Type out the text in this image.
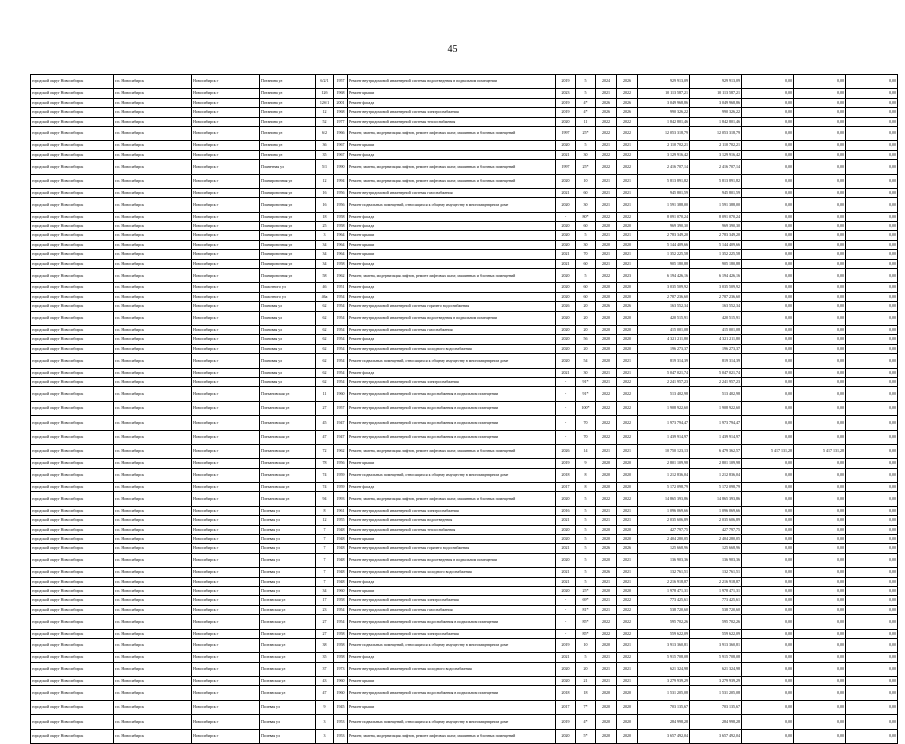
45
городской округ Новосибирск	г.п. Новосибирск	Новосибирск г	Потанина ул	6/2/1	1957	Ремонт внутридомовой инженерной системы водоотведения в подвальном помещении	2019	5	2024	2026	929 913,09	929 913,09	0,00	0,00	0,00
городской округ Новосибирск	г.п. Новосибирск	Новосибирск г	Потанина ул	12б	1968	Ремонт крыши	2023	5	2021	2022	10 113 587,21	10 113 587,21	0,00	0,00	0,00
городской округ Новосибирск	г.п. Новосибирск	Новосибирск г	Потанина ул	12б/1	2001	Ремонт фасада	2019	4*	2026	2026	3 049 968,86	3 049 968,86	0,00	0,00	0,00
городской округ Новосибирск	г.п. Новосибирск	Новосибирск г	Потанина ул	12	1968	Ремонт внутридомовой инженерной системы электроснабжения	2019	4*	2026	2026	990 326,22	990 326,22	0,00	0,00	0,00
городской округ Новосибирск	г.п. Новосибирск	Новосибирск г	Потанина ул	52	1977	Ремонт внутридомовой инженерной системы теплоснабжения	2020	11	2022	2022	1 842 801,46	1 842 801,46	0,00	0,00	0,00
городской округ Новосибирск	г.п. Новосибирск	Новосибирск г	Потанина ул	6/2	1966	Ремонт, замена, модернизация лифтов, ремонт лифтовых шахт, машинных и блочных помещений	1997	25*	2022	2022	12 053 318,79	12 053 318,79	0,00	0,00	0,00
городской округ Новосибирск	г.п. Новосибирск	Новосибирск г	Потанина ул	36	1967	Ремонт крыши	2020	5	2021	2021	2 110 702,21	2 110 702,21	0,00	0,00	0,00
городской округ Новосибирск	г.п. Новосибирск	Новосибирск г	Потанина ул	35	1967	Ремонт фасада	2021	30	2022	2022	3 129 916,42	3 129 916,42	0,00	0,00	0,00
городской округ Новосибирск	г.п. Новосибирск	Новосибирск г	Планетная ул	5/1	1990	Ремонт, замена, модернизация лифтов, ремонт лифтовых шахт, машинных и блочных помещений	1997	25*	2022	2022	2 416 707,14	2 416 707,14	0,00	0,00	0,00
городской округ Новосибирск	г.п. Новосибирск	Новосибирск г	Планировочная ул	12	1994	Ремонт, замена, модернизация лифтов, ремонт лифтовых шахт, машинных и блочных помещений	2020	10	2021	2021	5 813 891,82	5 813 891,82	0,00	0,00	0,00
городской округ Новосибирск	г.п. Новосибирск	Новосибирск г	Планировочная ул	16	1956	Ремонт внутридомовой инженерной системы газоснабжения	2021	60	2021	2021	945 801,59	945 801,59	0,00	0,00	0,00
городской округ Новосибирск	г.п. Новосибирск	Новосибирск г	Планировочная ул	16	1956	Ремонт подвальных помещений, относящихся к общему имуществу в многоквартирном доме	2020	30	2021	2021	1 591 388,00	1 591 388,00	0,00	0,00	0,00
городской округ Новосибирск	г.п. Новосибирск	Новосибирск г	Планировочная ул	18	1958	Ремонт фасада	-	80*	2022	2022	8 091 070,24	8 091 070,24	0,00	0,00	0,00
городской округ Новосибирск	г.п. Новосибирск	Новосибирск г	Планировочная ул	25	1958	Ремонт фасада	2020	60	2020	2020	969 390,30	969 390,30	0,00	0,00	0,00
городской округ Новосибирск	г.п. Новосибирск	Новосибирск г	Планировочная ул	3	1964	Ремонт крыши	2020	5	2021	2021	2 783 349,20	2 783 349,20	0,00	0,00	0,00
городской округ Новосибирск	г.п. Новосибирск	Новосибирск г	Планировочная ул	34	1964	Ремонт крыши	2020	30	2020	2020	5 144 409,66	5 144 409,66	0,00	0,00	0,00
городской округ Новосибирск	г.п. Новосибирск	Новосибирск г	Планировочная ул	34	1964	Ремонт крыши	2021	70	2021	2021	1 352 225,58	1 352 225,58	0,00	0,00	0,00
городской округ Новосибирск	г.п. Новосибирск	Новосибирск г	Планировочная ул	34	1958	Ремонт фасада	2021	60	2021	2021	905 180,88	905 180,88	0,00	0,00	0,00
городской округ Новосибирск	г.п. Новосибирск	Новосибирск г	Планировочная ул	58	1962	Ремонт, замена, модернизация лифтов, ремонт лифтовых шахт, машинных и блочных помещений	2020	5	2022	2023	6 194 426,16	6 194 426,16	0,00	0,00	0,00
городской округ Новосибирск	г.п. Новосибирск	Новосибирск г	Плахотного ул	46	1951	Ремонт фасада	2020	60	2020	2020	3 035 509,92	3 035 509,92	0,00	0,00	0,00
городской округ Новосибирск	г.п. Новосибирск	Новосибирск г	Плахотного ул	46а	1954	Ремонт фасада	2020	60	2020	2020	2 787 236,60	2 787 236,60	0,00	0,00	0,00
городской округ Новосибирск	г.п. Новосибирск	Новосибирск г	Плановая ул	62	1954	Ремонт внутридомовой инженерной системы горячего водоснабжения	2026	20	2026	2026	163 552,34	163 552,34	0,00	0,00	0,00
городской округ Новосибирск	г.п. Новосибирск	Новосибирск г	Плановая ул	62	1954	Ремонт внутридомовой инженерной системы водоотведения в подвальном помещении	2020	20	2020	2020	420 515,91	420 515,91	0,00	0,00	0,00
городской округ Новосибирск	г.п. Новосибирск	Новосибирск г	Плановая ул	62	1954	Ремонт внутридомовой инженерной системы газоснабжения	2020	20	2020	2020	415 001,08	415 001,08	0,00	0,00	0,00
городской округ Новосибирск	г.п. Новосибирск	Новосибирск г	Плановая ул	62	1954	Ремонт фасада	2020	56	2020	2020	4 321 211,80	4 321 211,80	0,00	0,00	0,00
городской округ Новосибирск	г.п. Новосибирск	Новосибирск г	Плановая ул	62	1954	Ремонт внутридомовой инженерной системы холодного водоснабжения	2020	20	2020	2020	196 273,37	196 273,37	0,00	0,00	0,00
городской округ Новосибирск	г.п. Новосибирск	Новосибирск г	Плановая ул	62	1954	Ремонт подвальных помещений, относящихся к общему имуществу в многоквартирном доме	2020	54	2020	2021	819 314,39	819 314,39	0,00	0,00	0,00
городской округ Новосибирск	г.п. Новосибирск	Новосибирск г	Плановая ул	62	1954	Ремонт фасада	2021	30	2021	2021	5 047 021,74	5 047 021,74	0,00	0,00	0,00
городской округ Новосибирск	г.п. Новосибирск	Новосибирск г	Плановая ул	62	1954	Ремонт внутридомовой инженерной системы электроснабжения	-	91*	2021	2022	2 241 957,23	2 241 957,23	0,00	0,00	0,00
городской округ Новосибирск	г.п. Новосибирск	Новосибирск г	Плехановская ул	11	1960	Ремонт внутридомовой инженерной системы водоснабжения в подвальном помещении	-	91*	2022	2022	513 402,98	513 402,98	0,00	0,00	0,00
городской округ Новосибирск	г.п. Новосибирск	Новосибирск г	Плехановская ул	27	1957	Ремонт внутридомовой инженерной системы водоснабжения в подвальном помещении	-	100*	2022	2022	1 908 922,60	1 908 922,60	0,00	0,00	0,00
городской округ Новосибирск	г.п. Новосибирск	Новосибирск г	Плехановская ул	45	1947	Ремонт внутридомовой инженерной системы водоснабжения в подвальном помещении	-	70	2022	2022	1 973 794,47	1 973 794,47	0,00	0,00	0,00
городской округ Новосибирск	г.п. Новосибирск	Новосибирск г	Плехановская ул	47	1947	Ремонт внутридомовой инженерной системы водоснабжения в подвальном помещении	-	70	2022	2022	1 439 914,97	1 439 914,97	0,00	0,00	0,00
городской округ Новосибирск	г.п. Новосибирск	Новосибирск г	Плехановская ул	72	1962	Ремонт, замена, модернизация лифтов, ремонт лифтовых шахт, машинных и блочных помещений	2026	14	2021	2021	10 750 123,13	6 479 362,57	5 417 131,28	5 417 131,28	0,00
городской округ Новосибирск	г.п. Новосибирск	Новосибирск г	Плехановская ул	78	1956	Ремонт крыши	2019	9	2020	2020	2 801 109,98	2 801 109,98	0,00	0,00	0,00
городской округ Новосибирск	г.п. Новосибирск	Новосибирск г	Плехановская ул	74	1959	Ремонт подвальных помещений, относящихся к общему имуществу в многоквартирном доме	2018	8	2020	2020	1 212 836,04	1 212 836,04	0,00	0,00	0,00
городской округ Новосибирск	г.п. Новосибирск	Новосибирск г	Плехановская ул	74	1959	Ремонт фасада	2017	8	2020	2020	5 172 098,79	5 172 098,79	0,00	0,00	0,00
городской округ Новосибирск	г.п. Новосибирск	Новосибирск г	Плехановская ул	94	1993	Ремонт, замена, модернизация лифтов, ремонт лифтовых шахт, машинных и блочных помещений	2020	5	2022	2022	14 865 393,86	14 865 393,86	0,00	0,00	0,00
городской округ Новосибирск	г.п. Новосибирск	Новосибирск г	Полевая ул	8	1961	Ремонт внутридомовой инженерной системы электроснабжения	2016	5	2021	2021	1 096 069,66	1 096 069,66	0,00	0,00	0,00
городской округ Новосибирск	г.п. Новосибирск	Новосибирск г	Полевая ул	12	1955	Ремонт внутридомовой инженерной системы водоотведения	2021	5	2021	2021	2 035 606,89	2 035 606,89	0,00	0,00	0,00
городской округ Новосибирск	г.п. Новосибирск	Новосибирск г	Полевая ул	7	1948	Ремонт внутридомовой инженерной системы теплоснабжения	2020	5	2020	2020	427 797,75	427 797,75	0,00	0,00	0,00
городской округ Новосибирск	г.п. Новосибирск	Новосибирск г	Полевая ул	7	1948	Ремонт крыши	2020	5	2020	2020	2 404 280,05	2 404 280,05	0,00	0,00	0,00
городской округ Новосибирск	г.п. Новосибирск	Новосибирск г	Полевая ул	7	1948	Ремонт внутридомовой инженерной системы горячего водоснабжения	2021	5	2026	2026	125 668,96	125 668,96	0,00	0,00	0,00
городской округ Новосибирск	г.п. Новосибирск	Новосибирск г	Полевая ул	7	1948	Ремонт внутридомовой инженерной системы водоотведения в подвальном помещении	2020	5	2020	2021	136 903,36	136 903,36	0,00	0,00	0,00
городской округ Новосибирск	г.п. Новосибирск	Новосибирск г	Полевая ул	7	1948	Ремонт внутридомовой инженерной системы холодного водоснабжения	2021	5	2026	2021	132 761,51	132 761,51	0,00	0,00	0,00
городской округ Новосибирск	г.п. Новосибирск	Новосибирск г	Полевая ул	7	1948	Ремонт фасада	2021	5	2021	2021	2 216 918,87	2 216 918,87	0,00	0,00	0,00
городской округ Новосибирск	г.п. Новосибирск	Новосибирск г	Полевая ул	34	1960	Ремонт крыши	2020	25*	2020	2020	1 978 471,31	1 978 471,31	0,00	0,00	0,00
городской округ Новосибирск	г.п. Новосибирск	Новосибирск г	Полтавская ул	17	1958	Ремонт внутридомовой инженерной системы электроснабжения	-	69*	2021	2022	773 425,61	773 425,61	0,00	0,00	0,00
городской округ Новосибирск	г.п. Новосибирск	Новосибирск г	Полтавская ул	23	1954	Ремонт внутридомовой инженерной системы газоснабжения	-	81*	2021	2022	538 720,60	538 720,60	0,00	0,00	0,00
городской округ Новосибирск	г.п. Новосибирск	Новосибирск г	Полтавская ул	27	1954	Ремонт внутридомовой инженерной системы водоснабжения в подвальном помещении	-	85*	2022	2022	595 702,26	595 702,26	0,00	0,00	0,00
городской округ Новосибирск	г.п. Новосибирск	Новосибирск г	Полтавская ул	27	1958	Ремонт внутридомовой инженерной системы электроснабжения	-	85*	2022	2022	559 622,09	559 622,09	0,00	0,00	0,00
городской округ Новосибирск	г.п. Новосибирск	Новосибирск г	Полтавская ул	38	1958	Ремонт подвальных помещений, относящихся к общему имуществу в многоквартирном доме	2019	10	2020	2021	3 913 360,81	3 913 360,81	0,00	0,00	0,00
городской округ Новосибирск	г.п. Новосибирск	Новосибирск г	Полтавская ул	35	1958	Ремонт фасада	2021	5	2021	2022	5 915 708,08	5 915 708,08	0,00	0,00	0,00
городской округ Новосибирск	г.п. Новосибирск	Новосибирск г	Полтавская ул	37	1973	Ремонт внутридомовой инженерной системы холодного водоснабжения	2020	20	2021	2021	621 324,98	621 324,98	0,00	0,00	0,00
городской округ Новосибирск	г.п. Новосибирск	Новосибирск г	Полтавская ул	43	1960	Ремонт крыши	2020	21	2021	2021	3 279 939,29	3 279 939,29	0,00	0,00	0,00
городской округ Новосибирск	г.п. Новосибирск	Новосибирск г	Полтавская ул	47	1960	Ремонт внутридомовой инженерной системы водоснабжения в подвальном помещении	2018	18	2020	2020	1 531 205,08	1 531 205,08	0,00	0,00	0,00
городской округ Новосибирск	г.п. Новосибирск	Новосибирск г	Полевая ул	9	1945	Ремонт крыши	2017	7*	2020	2020	703 135,67	703 135,67	0,00	0,00	0,00
городской округ Новосибирск	г.п. Новосибирск	Новосибирск г	Полевая ул	3	1953	Ремонт подвальных помещений, относящихся к общему имуществу в многоквартирном доме	2019	4*	2020	2020	284 998,28	284 998,28	0,00	0,00	0,00
городской округ Новосибирск	г.п. Новосибирск	Новосибирск г	Полевая ул	3	1953	Ремонт, замена, модернизация лифтов, ремонт лифтовых шахт, машинных и блочных помещений	2020	5*	2020	2020	3 657 492,04	3 657 492,04	0,00	0,00	0,00
